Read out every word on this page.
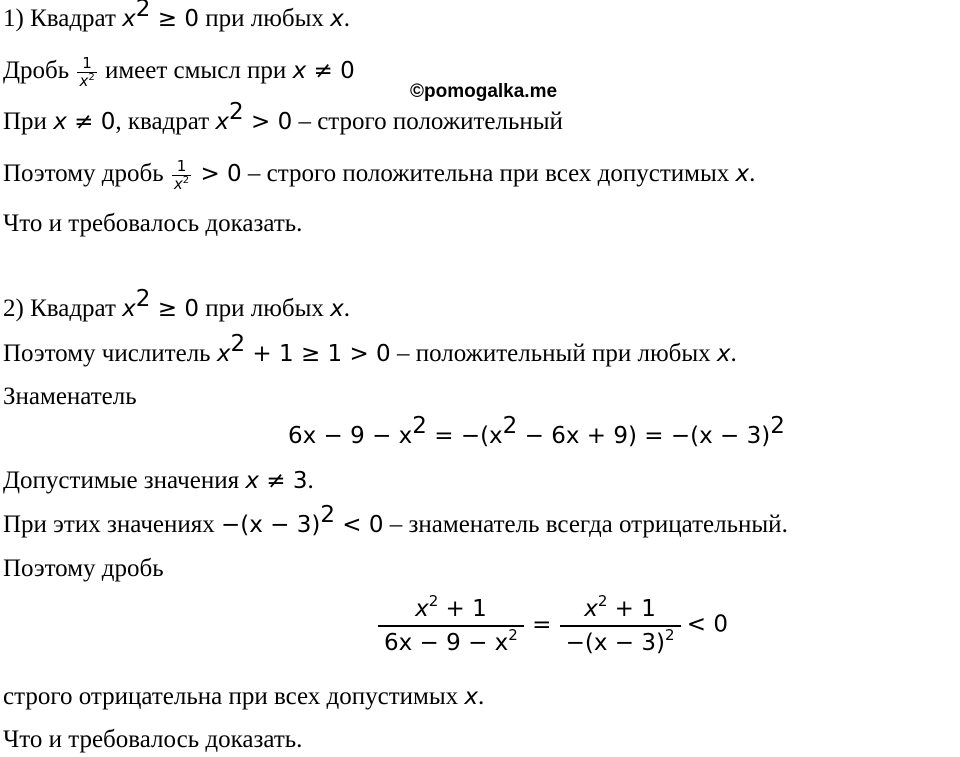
©pomogalka.me
1) Квадрат $x^2 \ge 0$ при любых x.
Дробь $\frac{1}{x^2}$ имеет смысл при x ≠ 0
При x ≠ 0, квадрат $x^2 > 0$ – строго положительный
Поэтому дробь $\frac{1}{x^2} > 0$ – строго положительна при всех допустимых x.
Что и требовалось доказать.
2) Квадрат $x^2 \ge 0$ при любых x.
Поэтому числитель $x^2 + 1 \ge 1 > 0$ – положительный при любых x.
Знаменатель
$6x - 9 - x^2 = -(x^2 - 6x + 9) = -(x - 3)^2$
Допустимые значения x ≠ 3.
При этих значениях $-(x - 3)^2 < 0$ – знаменатель всегда отрицательный.
Поэтому дробь
$\frac{x^2 + 1}{6x - 9 - x^2} = \frac{x^2 + 1}{-(x - 3)^2} < 0$
строго отрицательна при всех допустимых x.
Что и требовалось доказать.
